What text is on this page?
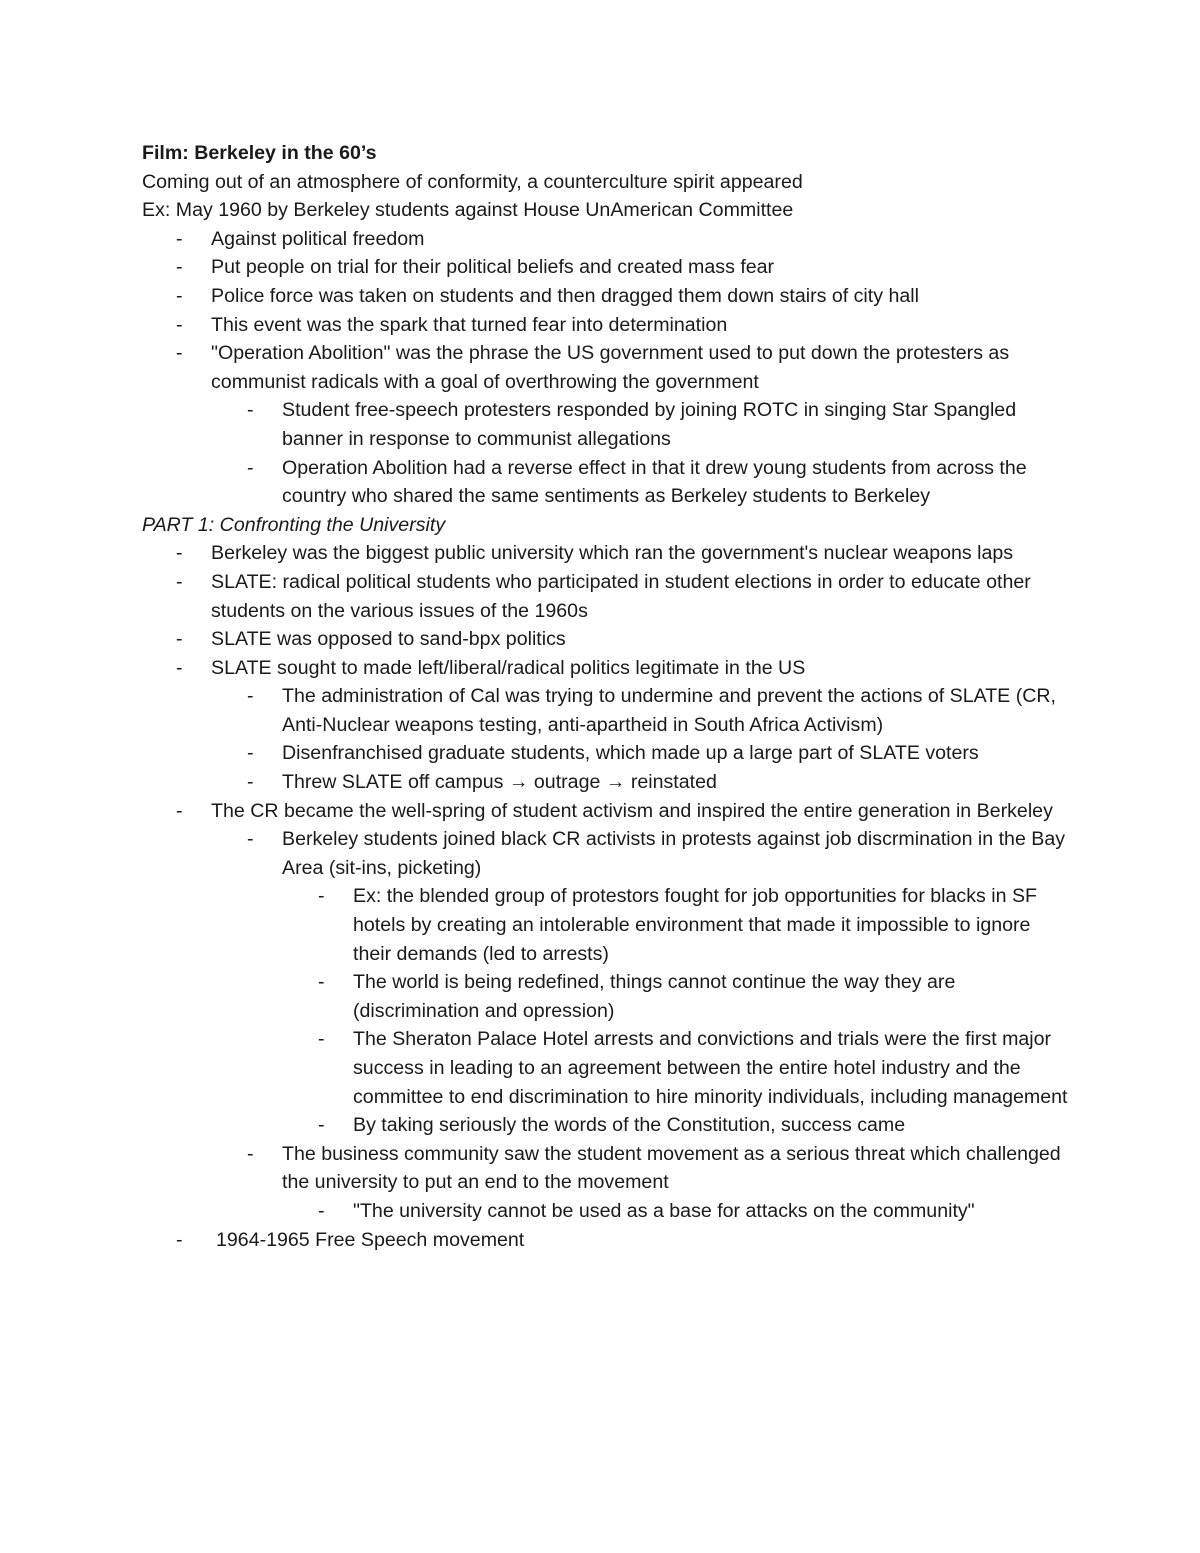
Film: Berkeley in the 60’s

Coming out of an atmosphere of conformity, a counterculture spirit appeared

Ex: May 1960 by Berkeley students against House UnAmerican Committee

- Against political freedom
- Put people on trial for their political beliefs and created mass fear
- Police force was taken on students and then dragged them down stairs of city hall
- This event was the spark that turned fear into determination
- "Operation Abolition" was the phrase the US government used to put down the protesters as communist radicals with a goal of overthrowing the government
- Student free-speech protesters responded by joining ROTC in singing Star Spangled banner in response to communist allegations
- Operation Abolition had a reverse effect in that it drew young students from across the country who shared the same sentiments as Berkeley students to Berkeley

PART 1: Confronting the University

- Berkeley was the biggest public university which ran the government's nuclear weapons laps
- SLATE: radical political students who participated in student elections in order to educate other students on the various issues of the 1960s
- SLATE was opposed to sand-bpx politics
- SLATE sought to made left/liberal/radical politics legitimate in the US
- The administration of Cal was trying to undermine and prevent the actions of SLATE (CR, Anti-Nuclear weapons testing, anti-apartheid in South Africa Activism)
- Disenfranchised graduate students, which made up a large part of SLATE voters
- Threw SLATE off campus → outrage → reinstated
- The CR became the well-spring of student activism and inspired the entire generation in Berkeley
- Berkeley students joined black CR activists in protests against job discrmination in the Bay Area (sit-ins, picketing)
- Ex: the blended group of protestors fought for job opportunities for blacks in SF hotels by creating an intolerable environment that made it impossible to ignore their demands (led to arrests)
- The world is being redefined, things cannot continue the way they are (discrimination and opression)
- The Sheraton Palace Hotel arrests and convictions and trials were the first major success in leading to an agreement between the entire hotel industry and the committee to end discrimination to hire minority individuals, including management
- By taking seriously the words of the Constitution, success came
- The business community saw the student movement as a serious threat which challenged the university to put an end to the movement
- "The university cannot be used as a base for attacks on the community"
- 1964-1965 Free Speech movement
